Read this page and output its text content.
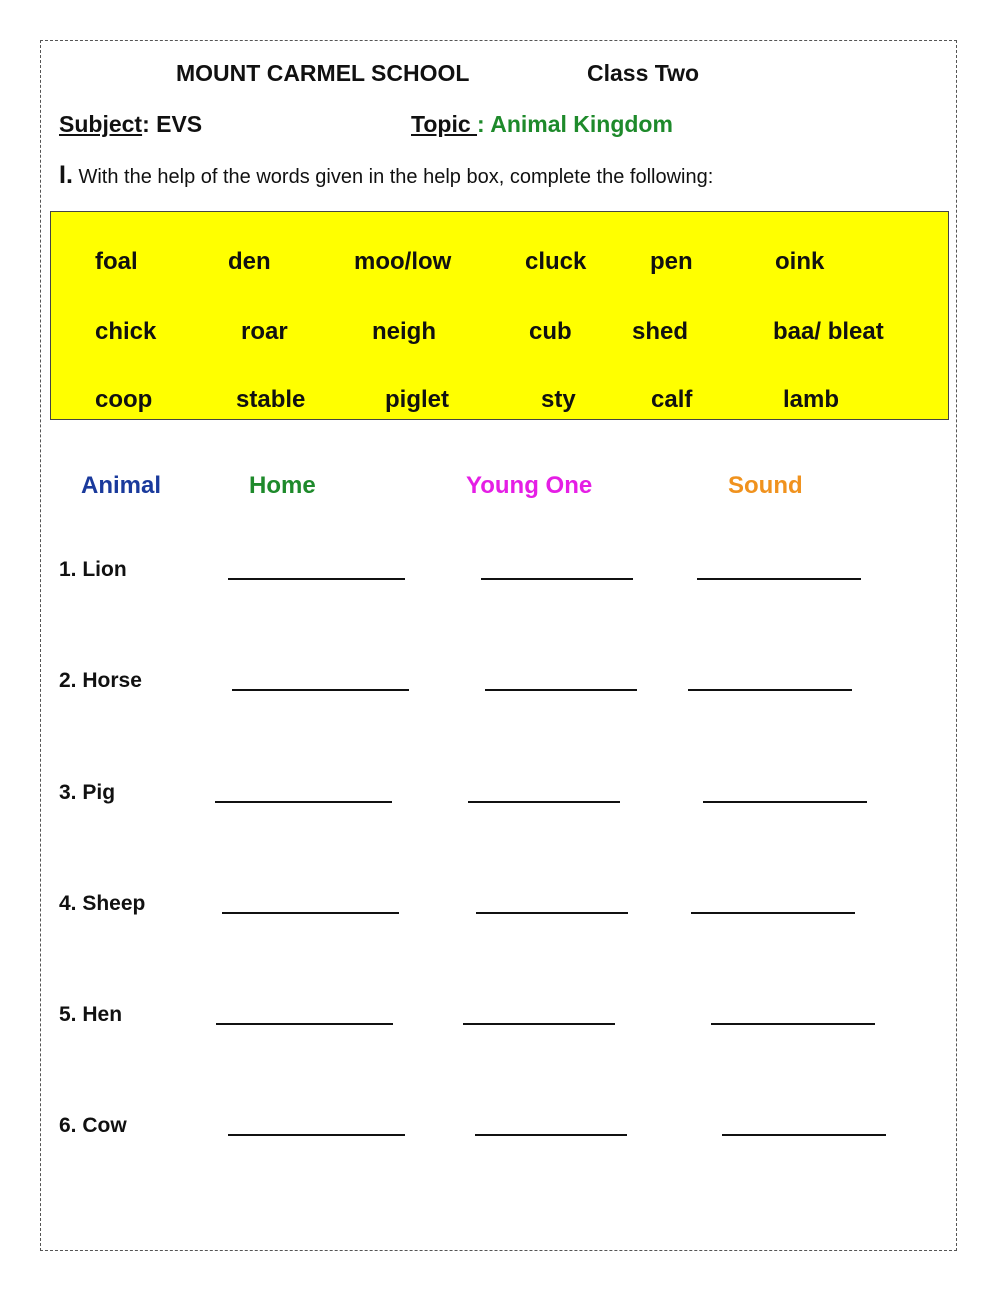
MOUNT CARMEL SCHOOL	Class Two
Subject: EVS	Topic : Animal Kingdom
I. With the help of the words given in the help box, complete the following:
foal	den	moo/low	cluck	pen	oink
chick	roar	neigh	cub	shed	baa/ bleat
coop	stable	piglet	sty	calf	lamb
Animal	Home	Young One	Sound
1. Lion
2. Horse
3. Pig
4. Sheep
5. Hen
6. Cow
